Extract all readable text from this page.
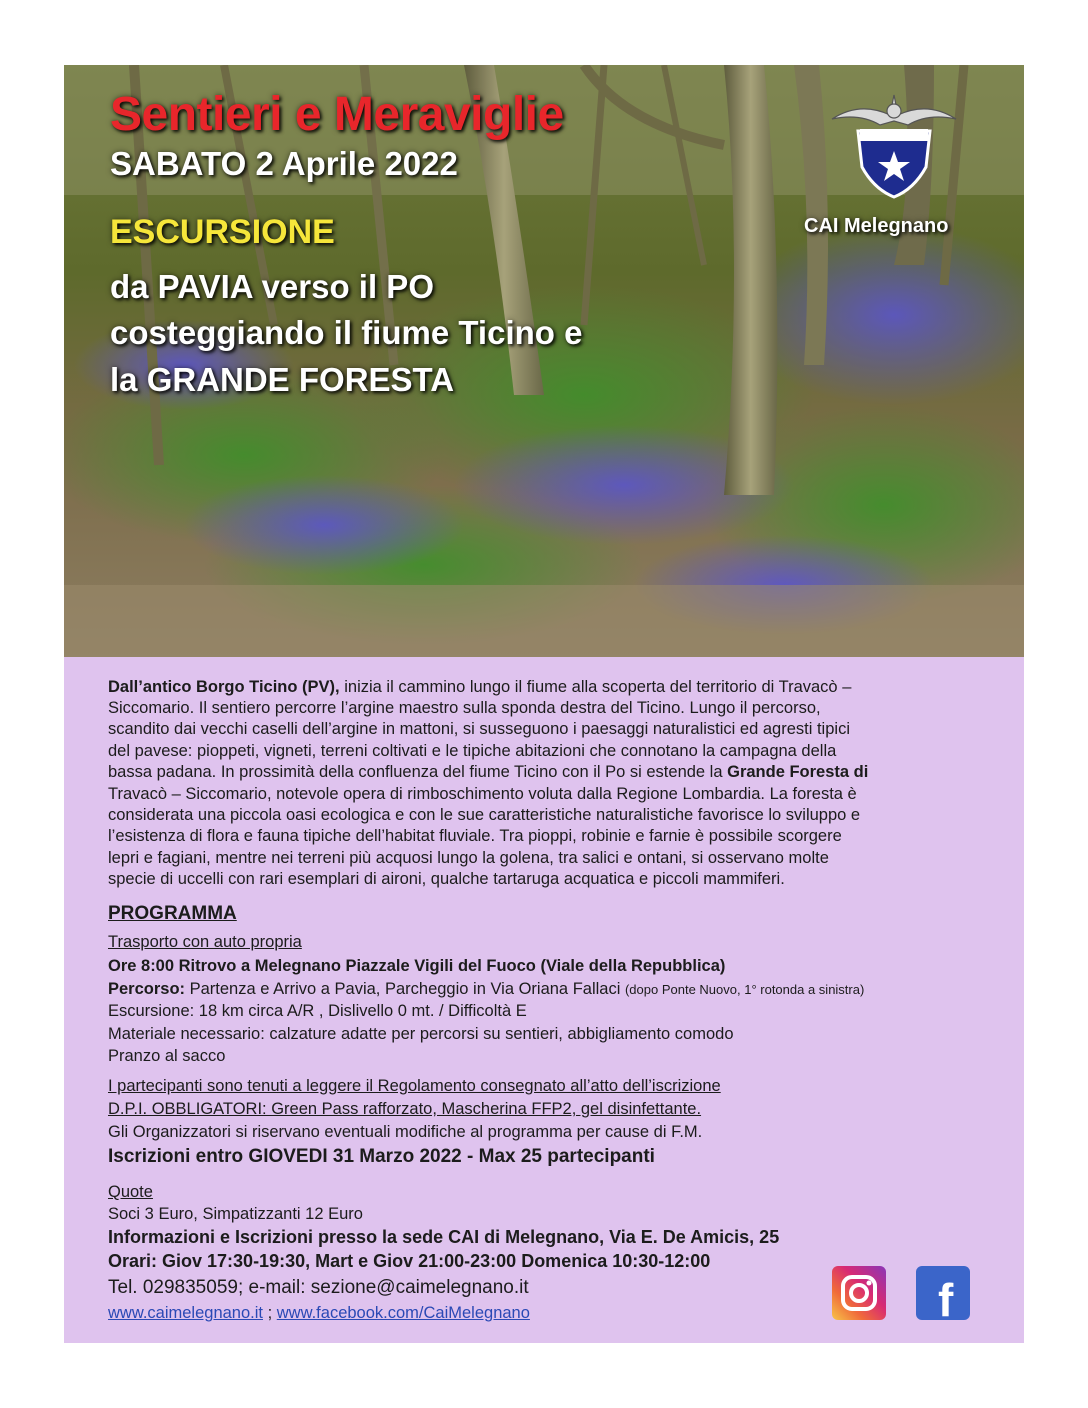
Sentieri e Meraviglie
SABATO 2 Aprile 2022
ESCURSIONE
da PAVIA verso il PO
costeggiando il fiume Ticino e
la GRANDE FORESTA
CAI Melegnano
Dall’antico Borgo Ticino (PV), inizia il cammino lungo il fiume alla scoperta del territorio di Travacò –
Siccomario. Il sentiero percorre l’argine maestro sulla sponda destra del Ticino. Lungo il percorso,
scandito dai vecchi caselli dell’argine in mattoni, si susseguono i paesaggi naturalistici ed agresti tipici
del pavese: pioppeti, vigneti, terreni coltivati e le tipiche abitazioni che connotano la campagna della
bassa padana. In prossimità della confluenza del fiume Ticino con il Po si estende la Grande Foresta di
Travacò – Siccomario, notevole opera di rimboschimento voluta dalla Regione Lombardia. La foresta è
considerata una piccola oasi ecologica e con le sue caratteristiche naturalistiche favorisce lo sviluppo e
l’esistenza di flora e fauna tipiche dell’habitat fluviale. Tra pioppi, robinie e farnie è possibile scorgere
lepri e fagiani, mentre nei terreni più acquosi lungo la golena, tra salici e ontani, si osservano molte
specie di uccelli con rari esemplari di aironi, qualche tartaruga acquatica e piccoli mammiferi.
PROGRAMMA
Trasporto con auto propria
Ore 8:00 Ritrovo a Melegnano Piazzale Vigili del Fuoco (Viale della Repubblica)
Percorso: Partenza e Arrivo a Pavia, Parcheggio in Via Oriana Fallaci (dopo Ponte Nuovo, 1° rotonda a sinistra)
Escursione: 18 km circa A/R , Dislivello 0 mt. / Difficoltà E
Materiale necessario: calzature adatte per percorsi su sentieri, abbigliamento comodo
Pranzo al sacco
I partecipanti sono tenuti a leggere il Regolamento consegnato all’atto dell’iscrizione
D.P.I. OBBLIGATORI: Green Pass rafforzato, Mascherina FFP2, gel disinfettante.
Gli Organizzatori si riservano eventuali modifiche al programma per cause di F.M.
Iscrizioni entro GIOVEDI 31 Marzo 2022 - Max 25 partecipanti
Quote
Soci 3 Euro, Simpatizzanti 12 Euro
Informazioni e Iscrizioni presso la sede CAI di Melegnano, Via E. De Amicis, 25
Orari: Giov 17:30-19:30, Mart e Giov 21:00-23:00 Domenica 10:30-12:00
Tel. 029835059; e-mail: sezione@caimelegnano.it
www.caimelegnano.it ; www.facebook.com/CaiMelegnano	f
